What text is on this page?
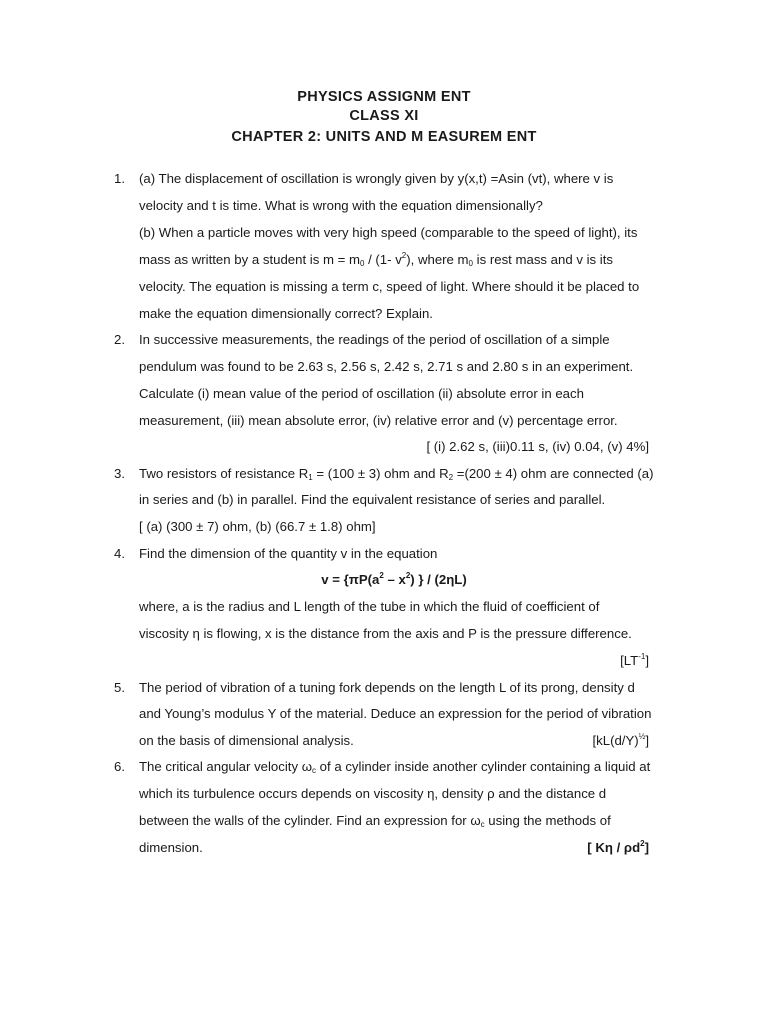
PHYSICS ASSIGNM ENT
CLASS XI
CHAPTER 2: UNITS AND M EASUREM ENT
1. (a) The displacement of oscillation is wrongly given by y(x,t) =Asin (vt), where v is
velocity and t is time. What is wrong with the equation dimensionally?
(b) When a particle moves with very high speed (comparable to the speed of light), its
mass as written by a student is $m = m_0 / (1-$ $v^2$), where $m_0$ is rest mass and v is its
velocity. The equation is missing a term c, speed of light. Where should it be placed to
make the equation dimensionally correct? Explain.
2. In successive measurements, the readings of the period of oscillation of a simple
pendulum was found to be 2.63 s, 2.56 s, 2.42 s, 2.71 s and 2.80 s in an experiment.
Calculate (i) mean value of the period of oscillation (ii) absolute error in each
measurement, (iii) mean absolute error, (iv) relative error and (v) percentage error.
[ (i) 2.62 s, (iii)0.11 s, (iv) 0.04, (v) 4%]
3. Two resistors of resistance $R_1 = (100 \pm 3)$ ohm and $R_2 =(200 \pm 4)$ ohm are connected (a)
in series and (b) in parallel. Find the equivalent resistance of series and parallel.
[ (a) (300 ± 7) ohm, (b) (66.7 ± 1.8) ohm]
4. Find the dimension of the quantity v in the equation
$v = \{\pi P(a^2 - x^2)$ } / (2ηL)
where, a is the radius and L length of the tube in which the fluid of coefficient of
viscosity η is flowing, x is the distance from the axis and P is the pressure difference.
$[LT^{-1}]$
5. The period of vibration of a tuning fork depends on the length L of its prong, density d
and Young’s modulus Y of the material. Deduce an expression for the period of vibration
on the basis of dimensional analysis.	$[kL(d/Y)^{\frac{1}{2}}]$
6. The critical angular velocity $\omega_c$ of a cylinder inside another cylinder containing a liquid at
which its turbulence occurs depends on viscosity η, density ρ and the distance d
between the walls of the cylinder. Find an expression for $\omega_c$ using the methods of
dimension.	[ Kη / $\rho d^2$]
